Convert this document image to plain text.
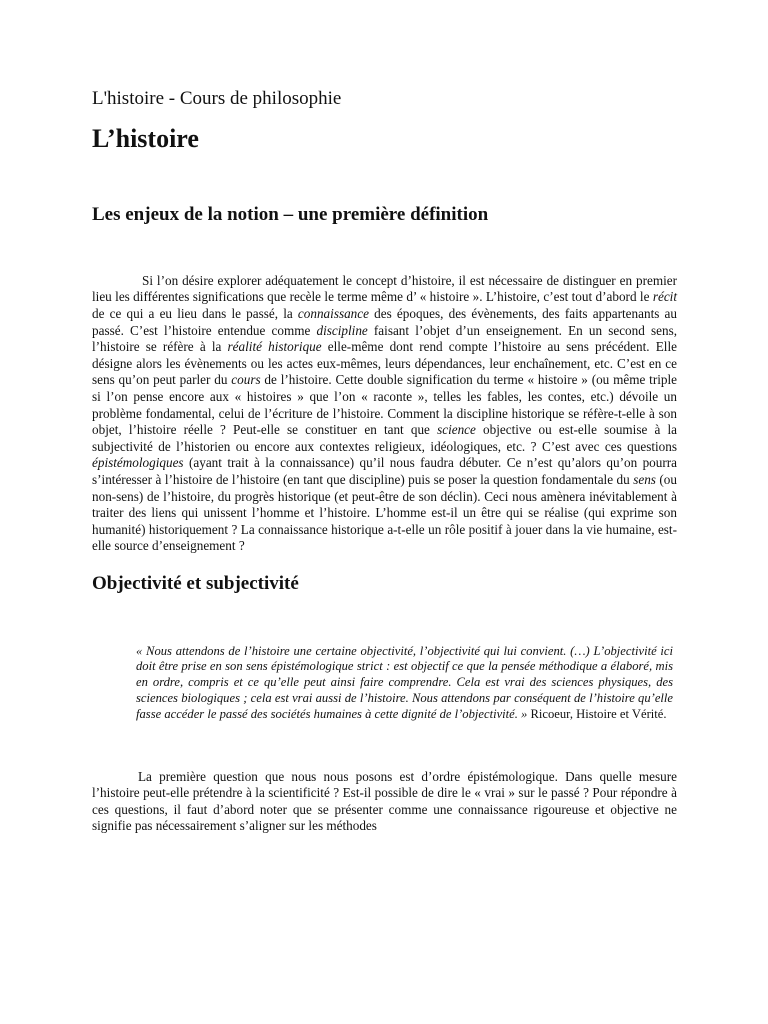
L'histoire - Cours de philosophie
L’histoire
Les enjeux de la notion – une première définition

Si l’on désire explorer adéquatement le concept d’histoire, il est nécessaire de distinguer en premier lieu les différentes significations que recèle le terme même d’ « histoire ». L’histoire, c’est tout d’abord le récit de ce qui a eu lieu dans le passé, la connaissance des époques, des évènements, des faits appartenants au passé. C’est l’histoire entendue comme discipline faisant l’objet d’un enseignement. En un second sens, l’histoire se réfère à la réalité historique elle-même dont rend compte l’histoire au sens précédent. Elle désigne alors les évènements ou les actes eux-mêmes, leurs dépendances, leur enchaînement, etc. C’est en ce sens qu’on peut parler du cours de l’histoire. Cette double signification du terme « histoire » (ou même triple si l’on pense encore aux « histoires » que l’on « raconte », telles les fables, les contes, etc.) dévoile un problème fondamental, celui de l’écriture de l’histoire. Comment la discipline historique se réfère-t-elle à son objet, l’histoire réelle ? Peut-elle se constituer en tant que science objective ou est-elle soumise à la subjectivité de l’historien ou encore aux contextes religieux, idéologiques, etc. ? C’est avec ces questions épistémologiques (ayant trait à la connaissance) qu’il nous faudra débuter. Ce n’est qu’alors qu’on pourra s’intéresser à l’histoire de l’histoire (en tant que discipline) puis se poser la question fondamentale du sens (ou non-sens) de l’histoire, du progrès historique (et peut-être de son déclin). Ceci nous amènera inévitablement à traiter des liens qui unissent l’homme et l’histoire. L’homme est-il un être qui se réalise (qui exprime son humanité) historiquement ? La connaissance historique a-t-elle un rôle positif à jouer dans la vie humaine, est-elle source d’enseignement ?

Objectivité et subjectivité

« Nous attendons de l’histoire une certaine objectivité, l’objectivité qui lui convient. (…) L’objectivité ici doit être prise en son sens épistémologique strict : est objectif ce que la pensée méthodique a élaboré, mis en ordre, compris et ce qu’elle peut ainsi faire comprendre. Cela est vrai des sciences physiques, des sciences biologiques ; cela est vrai aussi de l’histoire. Nous attendons par conséquent de l’histoire qu’elle fasse accéder le passé des sociétés humaines à cette dignité de l’objectivité. » Ricoeur, Histoire et Vérité.

La première question que nous nous posons est d’ordre épistémologique. Dans quelle mesure l’histoire peut-elle prétendre à la scientificité ? Est-il possible de dire le « vrai » sur le passé ? Pour répondre à ces questions, il faut d’abord noter que se présenter comme une connaissance rigoureuse et objective ne signifie pas nécessairement s’aligner sur les méthodes
